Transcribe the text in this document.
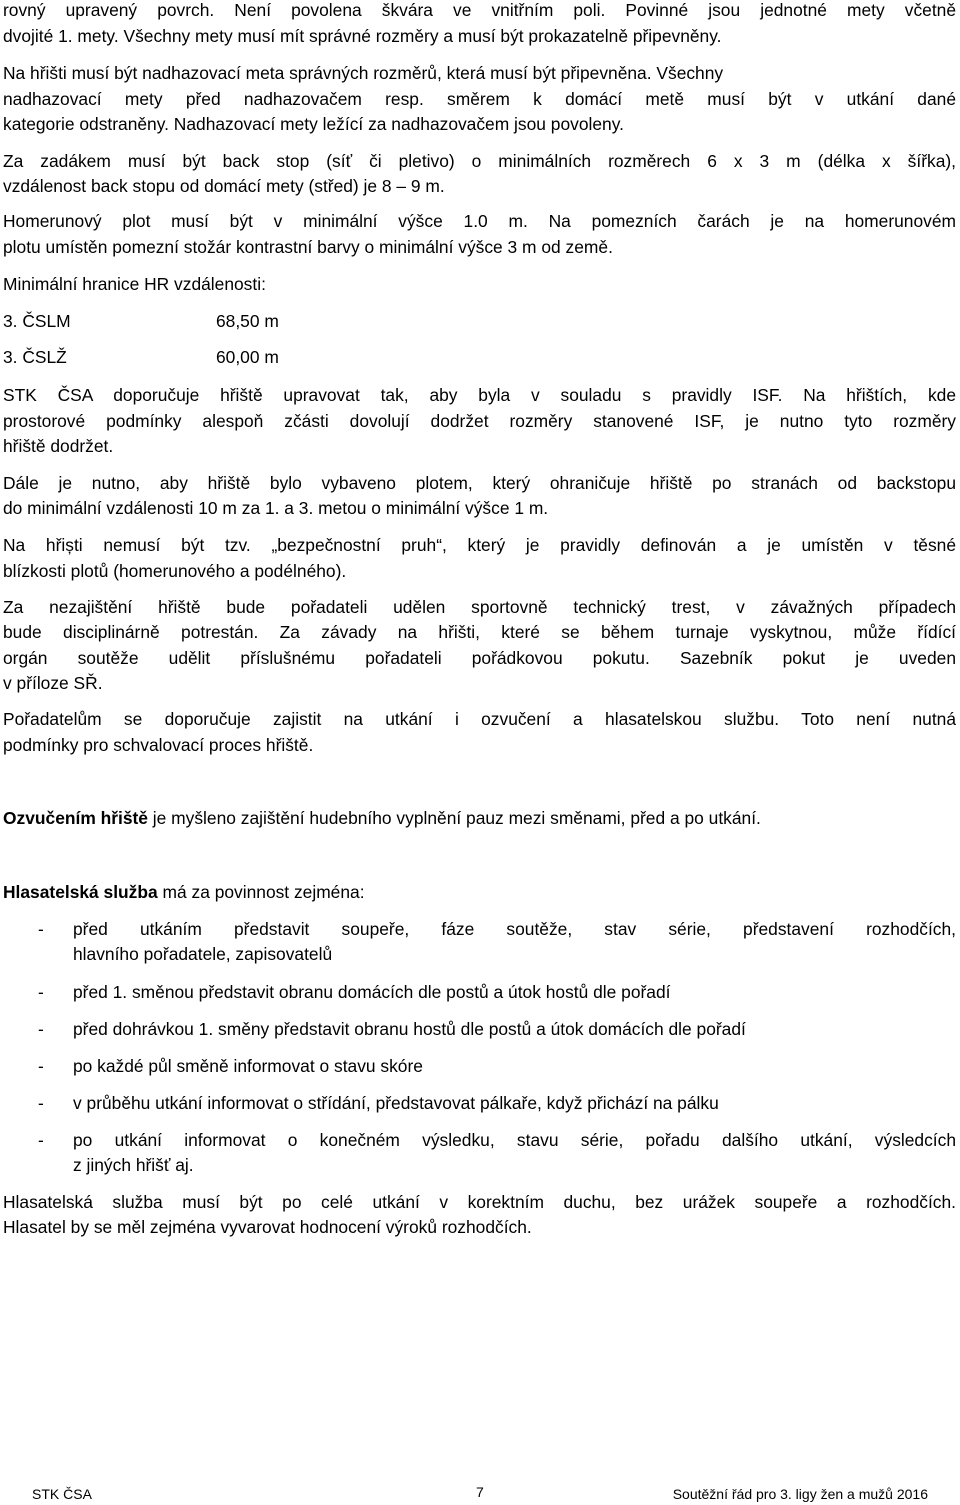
rovný upravený povrch. Není povolena škvára ve vnitřním poli. Povinné jsou jednotné mety včetně
dvojité 1. mety. Všechny mety musí mít správné rozměry a musí být prokazatelně připevněny.
Na hřišti musí být nadhazovací meta správných rozměrů, která musí být připevněna. Všechny
nadhazovací mety před nadhazovačem resp. směrem k domácí metě musí být v utkání dané
kategorie odstraněny. Nadhazovací mety ležící za nadhazovačem jsou povoleny.
Za zadákem musí být back stop (síť či pletivo) o minimálních rozměrech 6 x 3 m (délka x šířka),
vzdálenost back stopu od domácí mety (střed) je 8 – 9 m.
Homerunový plot musí být v minimální výšce 1.0 m. Na pomezních čarách je na homerunovém
plotu umístěn pomezní stožár kontrastní barvy o minimální výšce 3 m od země.
Minimální hranice HR vzdálenosti:
3. ČSLM	68,50 m
3. ČSLŽ	60,00 m
STK ČSA doporučuje hřiště upravovat tak, aby byla v souladu s pravidly ISF. Na hřištích, kde
prostorové podmínky alespoň zčásti dovolují dodržet rozměry stanovené ISF, je nutno tyto rozměry
hřiště dodržet.
Dále je nutno, aby hřiště bylo vybaveno plotem, který ohraničuje hřiště po stranách od backstopu
do minimální vzdálenosti 10 m za 1. a 3. metou o minimální výšce 1 m.
Na hřiști nemusí být tzv. „bezpečnostní pruh“, který je pravidly definován a je umístěn v těsné
blízkosti plotů (homerunového a podélného).
Za nezajištění hřiště bude pořadateli udělen sportovně technický trest, v závažných případech
bude disciplinárně potrestán. Za závady na hřišti, které se během turnaje vyskytnou, může řídící
orgán soutěže udělit příslušnému pořadateli pořádkovou pokutu. Sazebník pokut je uveden
v příloze SŘ.
Pořadatelům se doporučuje zajistit na utkání i ozvučení a hlasatelskou službu. Toto není nutná
podmínky pro schvalovací proces hřiště.
Ozvučením hřiště je myšleno zajištění hudebního vyplnění pauz mezi směnami, před a po utkání.
Hlasatelská služba má za povinnost zejména:
- před utkáním představit soupeře, fáze soutěže, stav série, představení rozhodčích,
hlavního pořadatele, zapisovatelů
- před 1. směnou představit obranu domácích dle postů a útok hostů dle pořadí
- před dohrávkou 1. směny představit obranu hostů dle postů a útok domácích dle pořadí
- po každé půl směně informovat o stavu skóre
- v průběhu utkání informovat o střídání, představovat pálkaře, když přichází na pálku
- po utkání informovat o konečném výsledku, stavu série, pořadu dalšího utkání, výsledcích
z jiných hřišť aj.
Hlasatelská služba musí být po celé utkání v korektním duchu, bez urážek soupeře a rozhodčích.
Hlasatel by se měl zejména vyvarovat hodnocení výroků rozhodčích.
STK ČSA	7	Soutěžní řád pro 3. ligy žen a mužů 2016
